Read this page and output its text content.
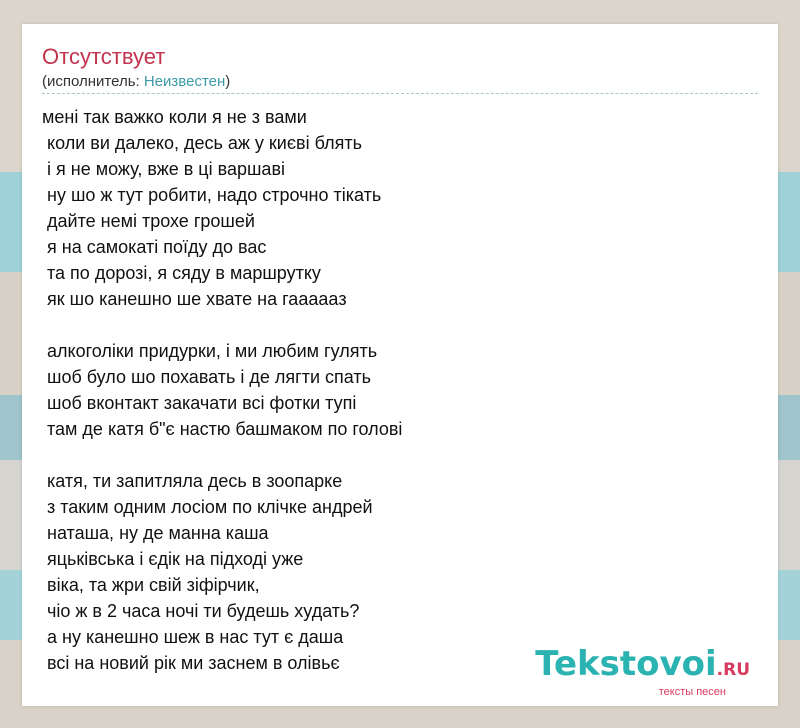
Отсутствует
(исполнитель: Неизвестен)
мені так важко коли я не з вами
коли ви далеко, десь аж у києві блять
і я не можу, вже в ці варшаві
ну шо ж тут робити, надо строчно тікать
дайте немі трохе грошей
я на самокаті поїду до вас
та по дорозі, я сяду в маршрутку
як шо канешно ше хвате на гааааaз

алкоголіки придурки, і ми любим гулять
шоб було шо похавать і де лягти спать
шоб вконтакт закачати всі фотки тупі
там де катя б"є настю башмаком по голові

катя, ти запитляла десь в зоопарке
з таким одним лосіом по клічке андрей
наташа, ну де манна каша
яцьківська і єдік на підході уже
віка, та жри свій зіфірчик,
чіо ж в 2 часа ночі ти будешь худать?
а ну канешно шеж в нас тут є даша
всі на новий рік ми заснем в олівьє	Tekstovoi.RU
тексты песен
